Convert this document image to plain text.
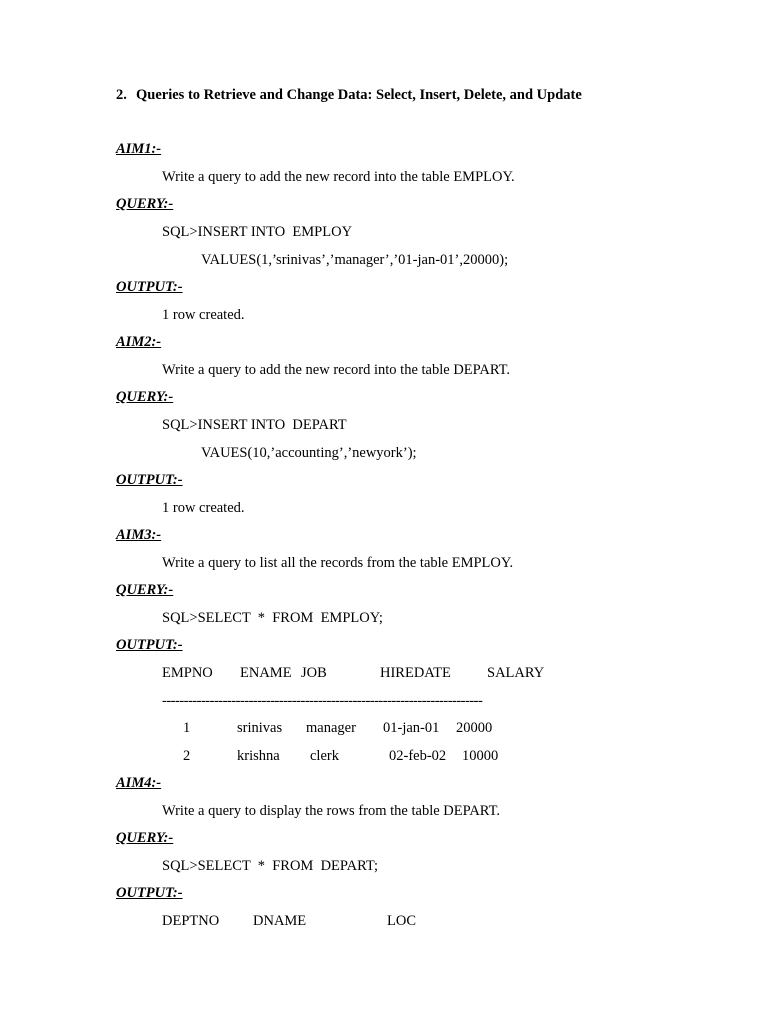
2. Queries to Retrieve and Change Data: Select, Insert, Delete, and Update
AIM1:-
Write a query to add the new record into the table EMPLOY.
QUERY:-
SQL>INSERT INTO  EMPLOY
VALUES(1,’srinivas’,’manager’,’01-jan-01’,20000);
OUTPUT:-
1 row created.
AIM2:-
Write a query to add the new record into the table DEPART.
QUERY:-
SQL>INSERT INTO  DEPART
VAUES(10,’accounting’,’newyork’);
OUTPUT:-
1 row created.
AIM3:-
Write a query to list all the records from the table EMPLOY.
QUERY:-
SQL>SELECT  *  FROM  EMPLOY;
OUTPUT:-
EMPNO ENAME JOB	HIREDATE SALARY
--------------------------------------------------------------------------
1	srinivas manager 01-jan-01 20000
2	krishna clerk	02-feb-02 10000
AIM4:-
Write a query to display the rows from the table DEPART.
QUERY:-
SQL>SELECT  *  FROM  DEPART;
OUTPUT:-
DEPTNO DNAME	LOC
